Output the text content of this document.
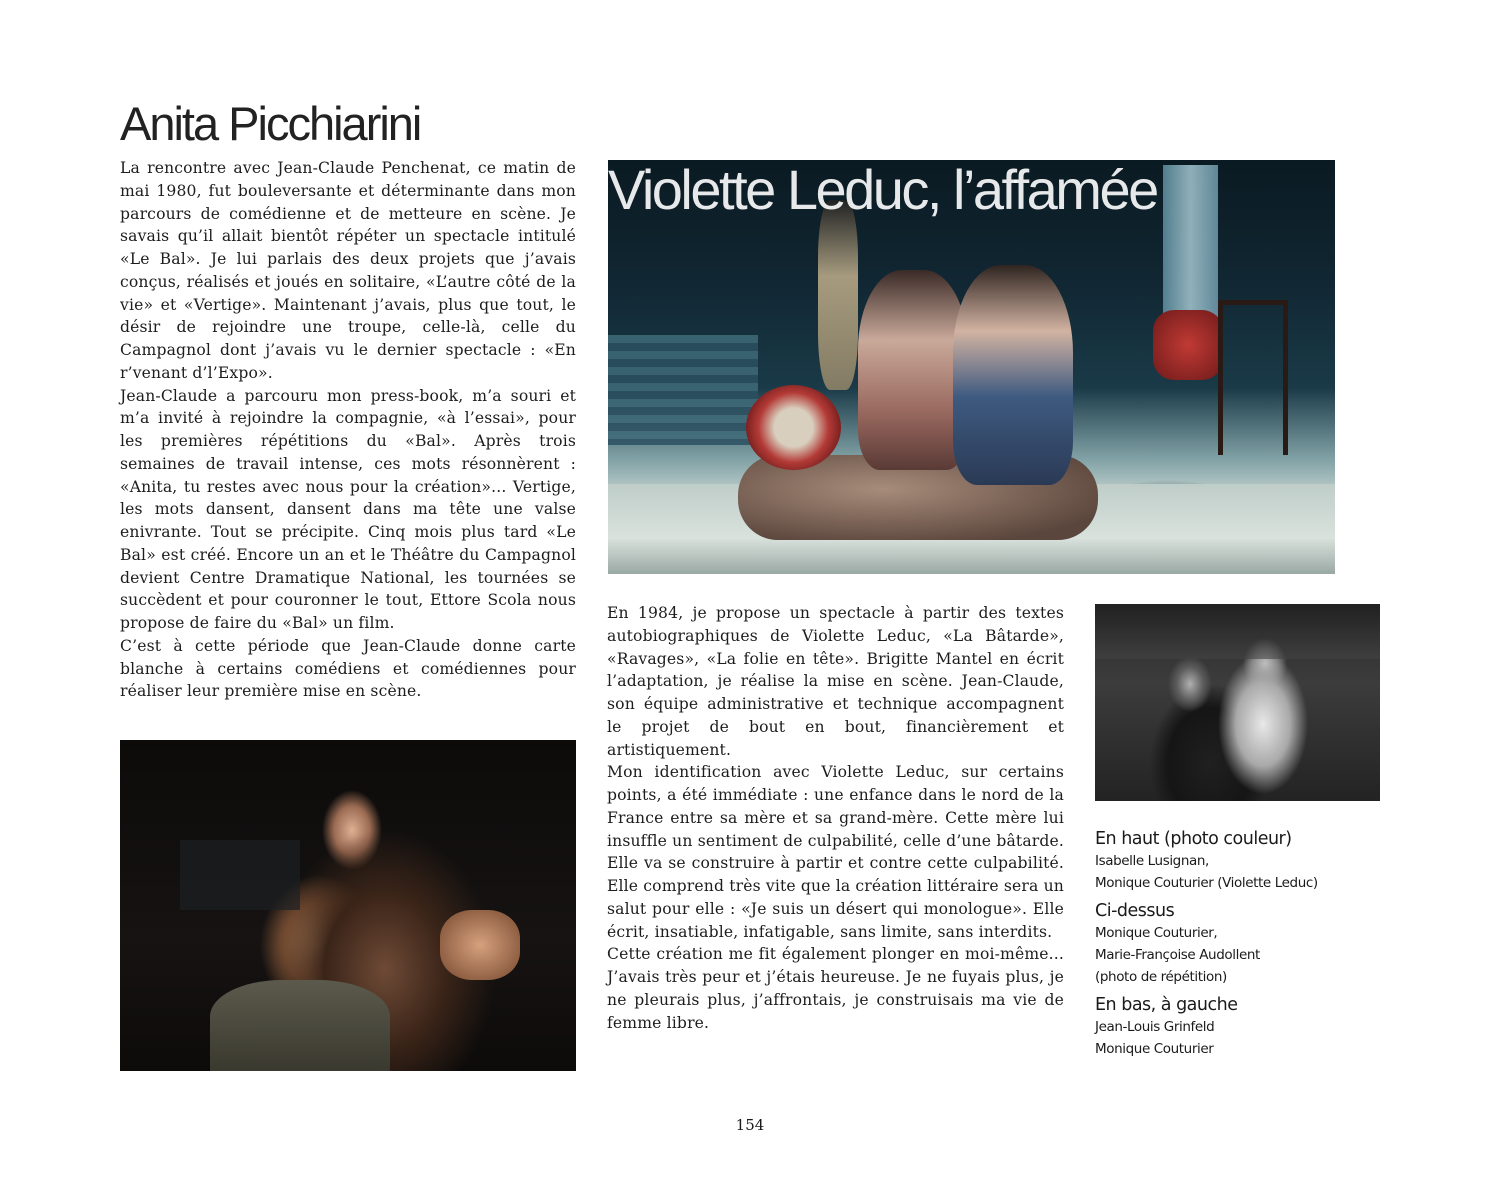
Anita Picchiarini

La rencontre avec Jean-Claude Penchenat, ce matin de mai 1980, fut bouleversante et déterminante dans mon parcours de comédienne et de metteure en scène. Je savais qu’il allait bientôt répéter un spectacle intitulé «Le Bal». Je lui parlais des deux projets que j’avais conçus, réalisés et joués en solitaire, «L’autre côté de la vie» et «Vertige». Maintenant j’avais, plus que tout, le désir de rejoindre une troupe, celle-là, celle du Campagnol dont j’avais vu le dernier spectacle : «En r’venant d’l’Expo».

Jean-Claude a parcouru mon press-book, m’a souri et m’a invité à rejoindre la compagnie, «à l’essai», pour les premières répétitions du «Bal». Après trois semaines de travail intense, ces mots résonnèrent : «Anita, tu restes avec nous pour la création»... Vertige, les mots dansent, dansent dans ma tête une valse enivrante. Tout se précipite. Cinq mois plus tard «Le Bal» est créé. Encore un an et le Théâtre du Campagnol devient Centre Dramatique National, les tournées se succèdent et pour couronner le tout, Ettore Scola nous propose de faire du «Bal» un film.

C’est à cette période que Jean-Claude donne carte blanche à certains comédiens et comédiennes pour réaliser leur première mise en scène.

Violette Leduc, l’affamée

En 1984, je propose un spectacle à partir des textes autobiographiques de Violette Leduc, «La Bâtarde», «Ravages», «La folie en tête». Brigitte Mantel en écrit l’adaptation, je réalise la mise en scène. Jean-Claude, son équipe administrative et technique accompagnent le projet de bout en bout, financièrement et artistiquement.

Mon identification avec Violette Leduc, sur certains points, a été immédiate : une enfance dans le nord de la France entre sa mère et sa grand-mère. Cette mère lui insuffle un sentiment de culpabilité, celle d’une bâtarde. Elle va se construire à partir et contre cette culpabilité. Elle comprend très vite que la création littéraire sera un salut pour elle : «Je suis un désert qui monologue». Elle écrit, insatiable, infatigable, sans limite, sans interdits.

Cette création me fit également plonger en moi-même... J’avais très peur et j’étais heureuse. Je ne fuyais plus, je ne pleurais plus, j’affrontais, je construisais ma vie de femme libre.

En haut (photo couleur)
Isabelle Lusignan,
Monique Couturier (Violette Leduc)
Ci-dessus
Monique Couturier,
Marie-Françoise Audollent
(photo de répétition)
En bas, à gauche
Jean-Louis Grinfeld
Monique Couturier
154
